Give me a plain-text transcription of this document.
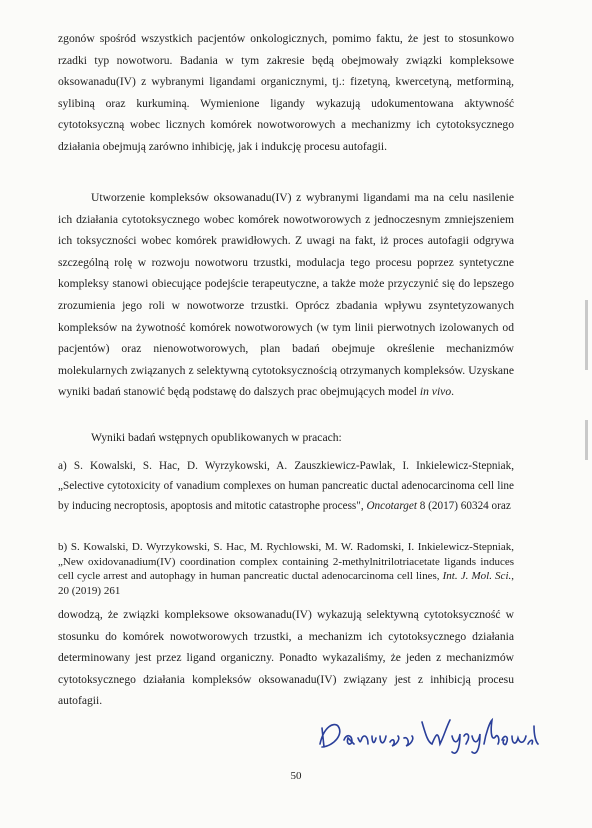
zgonów spośród wszystkich pacjentów onkologicznych, pomimo faktu, że jest to stosunkowo rzadki typ nowotworu. Badania w tym zakresie będą obejmowały związki kompleksowe oksowanadu(IV) z wybranymi ligandami organicznymi, tj.: fizetyną, kwercetyną, metforminą, sylibiną oraz kurkuminą. Wymienione ligandy wykazują udokumentowana aktywność cytotoksyczną wobec licznych komórek nowotworowych a mechanizmy ich cytotoksycznego działania obejmują zarówno inhibicję, jak i indukcję procesu autofagii.

Utworzenie kompleksów oksowanadu(IV) z wybranymi ligandami ma na celu nasilenie ich działania cytotoksycznego wobec komórek nowotworowych z jednoczesnym zmniejszeniem ich toksyczności wobec komórek prawidłowych. Z uwagi na fakt, iż proces autofagii odgrywa szczególną rolę w rozwoju nowotworu trzustki, modulacja tego procesu poprzez syntetyczne kompleksy stanowi obiecujące podejście terapeutyczne, a także może przyczynić się do lepszego zrozumienia jego roli w nowotworze trzustki. Oprócz zbadania wpływu zsyntetyzowanych kompleksów na żywotność komórek nowotworowych (w tym linii pierwotnych izolowanych od pacjentów) oraz nienowotworowych, plan badań obejmuje określenie mechanizmów molekularnych związanych z selektywną cytotoksycznością otrzymanych kompleksów. Uzyskane wyniki badań stanowić będą podstawę do dalszych prac obejmujących model in vivo.

Wyniki badań wstępnych opublikowanych w pracach:

a) S. Kowalski, S. Hac, D. Wyrzykowski, A. Zauszkiewicz-Pawlak, I. Inkielewicz-Stepniak, „Selective cytotoxicity of vanadium complexes on human pancreatic ductal adenocarcinoma cell line by inducing necroptosis, apoptosis and mitotic catastrophe process", Oncotarget 8 (2017) 60324 oraz

b) S. Kowalski, D. Wyrzykowski, S. Hac, M. Rychlowski, M. W. Radomski, I. Inkielewicz-Stepniak, „New oxidovanadium(IV) coordination complex containing 2-methylnitrilotriacetate ligands induces cell cycle arrest and autophagy in human pancreatic ductal adenocarcinoma cell lines, Int. J. Mol. Sci., 20 (2019) 261

dowodzą, że związki kompleksowe oksowanadu(IV) wykazują selektywną cytotoksyczność w stosunku do komórek nowotworowych trzustki, a mechanizm ich cytotoksycznego działania determinowany jest przez ligand organiczny. Ponadto wykazaliśmy, że jeden z mechanizmów cytotoksycznego działania kompleksów oksowanadu(IV) związany jest z inhibicją procesu autofagii.

50
